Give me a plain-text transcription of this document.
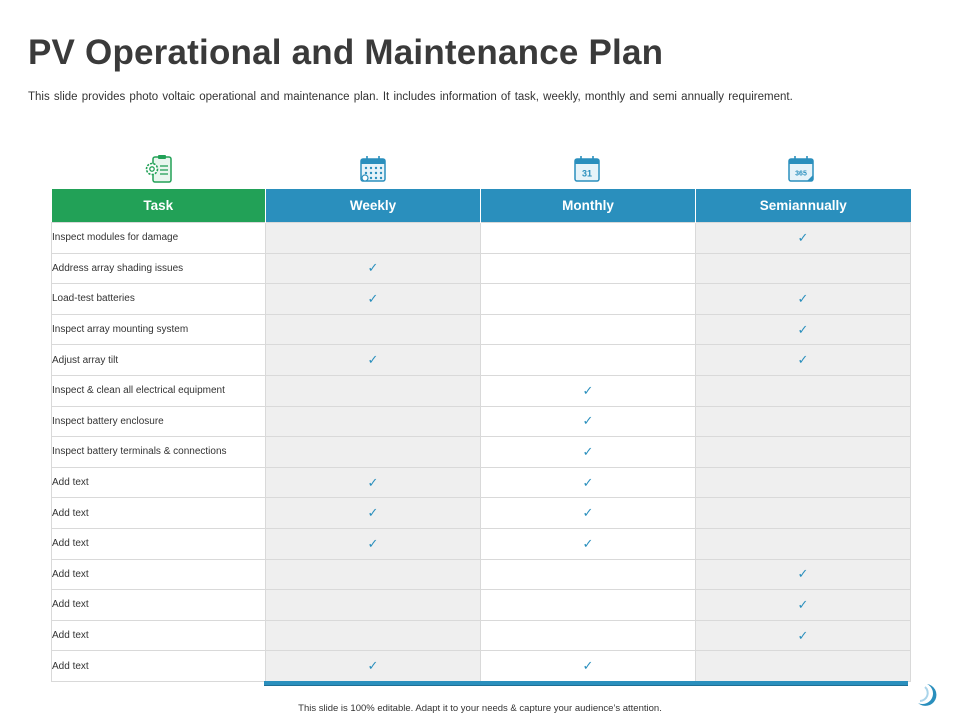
PV Operational and Maintenance Plan

This slide provides photo voltaic operational and maintenance plan. It includes information of task, weekly, monthly and semi annually requirement.

31	365
Task	Weekly	Monthly	Semiannually
Inspect modules for damage			✓
Address array shading issues	✓		
Load-test batteries	✓		✓
Inspect array mounting system			✓
Adjust array tilt	✓		✓
Inspect & clean all electrical equipment		✓	
Inspect battery enclosure		✓	
Inspect battery terminals & connections		✓	
Add text	✓	✓	
Add text	✓	✓	
Add text	✓	✓	
Add text			✓
Add text			✓
Add text			✓
Add text	✓	✓	

This slide is 100% editable. Adapt it to your needs & capture your audience’s attention.
